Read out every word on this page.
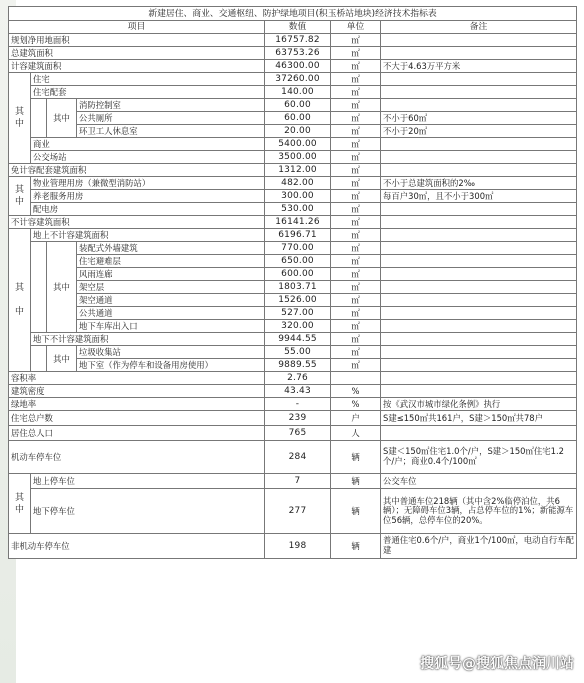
新建居住、商业、交通枢纽、防护绿地项目(积玉桥站地块)经济技术指标表						
项目				数值	单位	备注
规划净用地面积				16757.82	㎡	
总建筑面积				63753.26	㎡	
计容建筑面积				46300.00	㎡	不大于4.63万平方米
其
中	住宅			37260.00	㎡	
	住宅配套			140.00	㎡	
		其中	消防控制室	60.00	㎡	
			公共厕所	60.00	㎡	不小于60㎡
			环卫工人休息室	20.00	㎡	不小于20㎡
	商业			5400.00	㎡	
	公交场站			3500.00	㎡	
免计容配套建筑面积				1312.00	㎡	
其
中	物业管理用房（兼微型消防站）			482.00	㎡	不小于总建筑面积的2‰
	养老服务用房			300.00	㎡	每百户30㎡，且不小于300㎡
	配电房			530.00	㎡	
不计容建筑面积				16141.26	㎡	
其

中	地上不计容建筑面积			6196.71	㎡	
		其中	装配式外墙建筑	770.00	㎡	
			住宅避难层	650.00	㎡	
			风雨连廊	600.00	㎡	
			架空层	1803.71	㎡	
			架空通道	1526.00	㎡	
			公共通道	527.00	㎡	
			地下车库出入口	320.00	㎡	
	地下不计容建筑面积			9944.55	㎡	
		其中	垃圾收集站	55.00	㎡	
			地下室（作为停车和设备用房使用）	9889.55	㎡	
容积率				2.76		
建筑密度				43.43	%	
绿地率				-	%	按《武汉市城市绿化条例》执行
住宅总户数				239	户	S建≤150㎡共161户，S建＞150㎡共78户
居住总人口				765	人	
机动车停车位				284	辆	S建＜150㎡住宅1.0个/户，S建＞150㎡住宅1.2个/户；商业0.4个/100㎡
其
中	地上停车位			7	辆	公交车位
	地下停车位			277	辆	其中普通车位218辆（其中含2%临停泊位，共6辆）；无障碍车位3辆，占总停车位的1%；新能源车位56辆，总停车位的20%。
非机动车停车位				198	辆	普通住宅0.6个/户，商业1个/100㎡，电动自行车配建
搜狐号@搜狐焦点润川站
